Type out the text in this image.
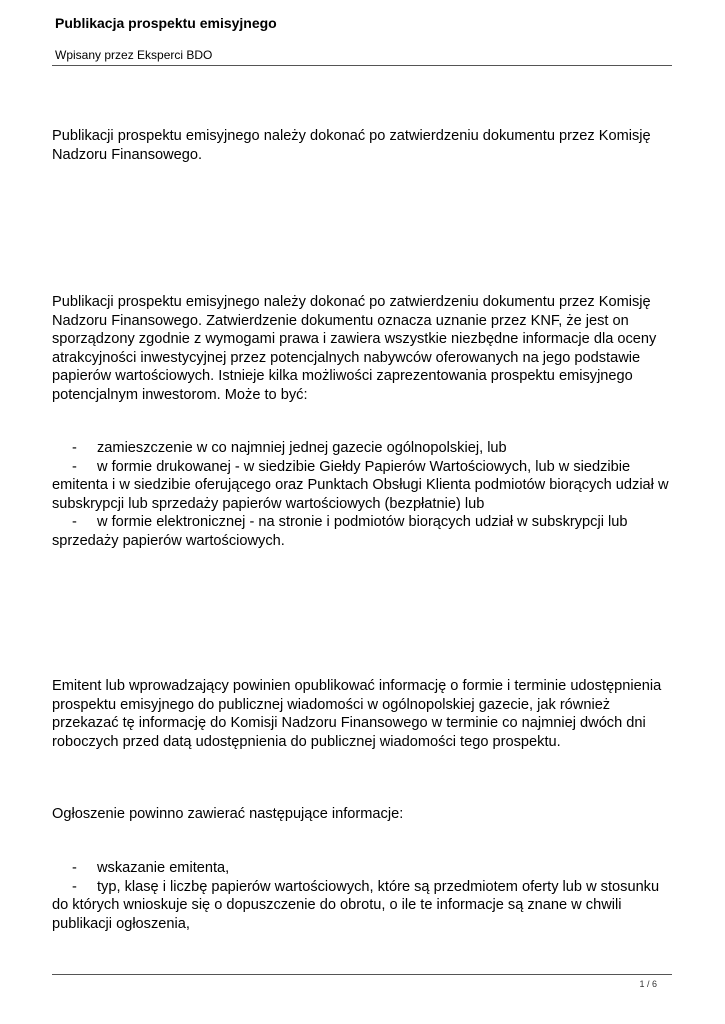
Publikacja prospektu emisyjnego
Wpisany przez Eksperci BDO

Publikacji prospektu emisyjnego należy dokonać po zatwierdzeniu dokumentu przez Komisję Nadzoru Finansowego.

Publikacji prospektu emisyjnego należy dokonać po zatwierdzeniu dokumentu przez Komisję Nadzoru Finansowego. Zatwierdzenie dokumentu oznacza uznanie przez KNF, że jest on sporządzony zgodnie z wymogami prawa i zawiera wszystkie niezbędne informacje dla oceny atrakcyjności inwestycyjnej przez potencjalnych nabywców oferowanych na jego podstawie papierów wartościowych. Istnieje kilka możliwości zaprezentowania prospektu emisyjnego potencjalnym inwestorom. Może to być:

- zamieszczenie w co najmniej jednej gazecie ogólnopolskiej, lub
- w formie drukowanej - w siedzibie Giełdy Papierów Wartościowych, lub w siedzibie emitenta i w siedzibie oferującego oraz Punktach Obsługi Klienta podmiotów biorących udział w subskrypcji lub sprzedaży papierów wartościowych (bezpłatnie) lub
- w formie elektronicznej - na stronie i podmiotów biorących udział w subskrypcji lub sprzedaży papierów wartościowych.

Emitent lub wprowadzający powinien opublikować informację o formie i terminie udostępnienia prospektu emisyjnego do publicznej wiadomości w ogólnopolskiej gazecie, jak również przekazać tę informację do Komisji Nadzoru Finansowego w terminie co najmniej dwóch dni roboczych przed datą udostępnienia do publicznej wiadomości tego prospektu.

Ogłoszenie powinno zawierać następujące informacje:

- wskazanie emitenta,
- typ, klasę i liczbę papierów wartościowych, które są przedmiotem oferty lub w stosunku do których wnioskuje się o dopuszczenie do obrotu, o ile te informacje są znane w chwili publikacji ogłoszenia,
1 / 6
